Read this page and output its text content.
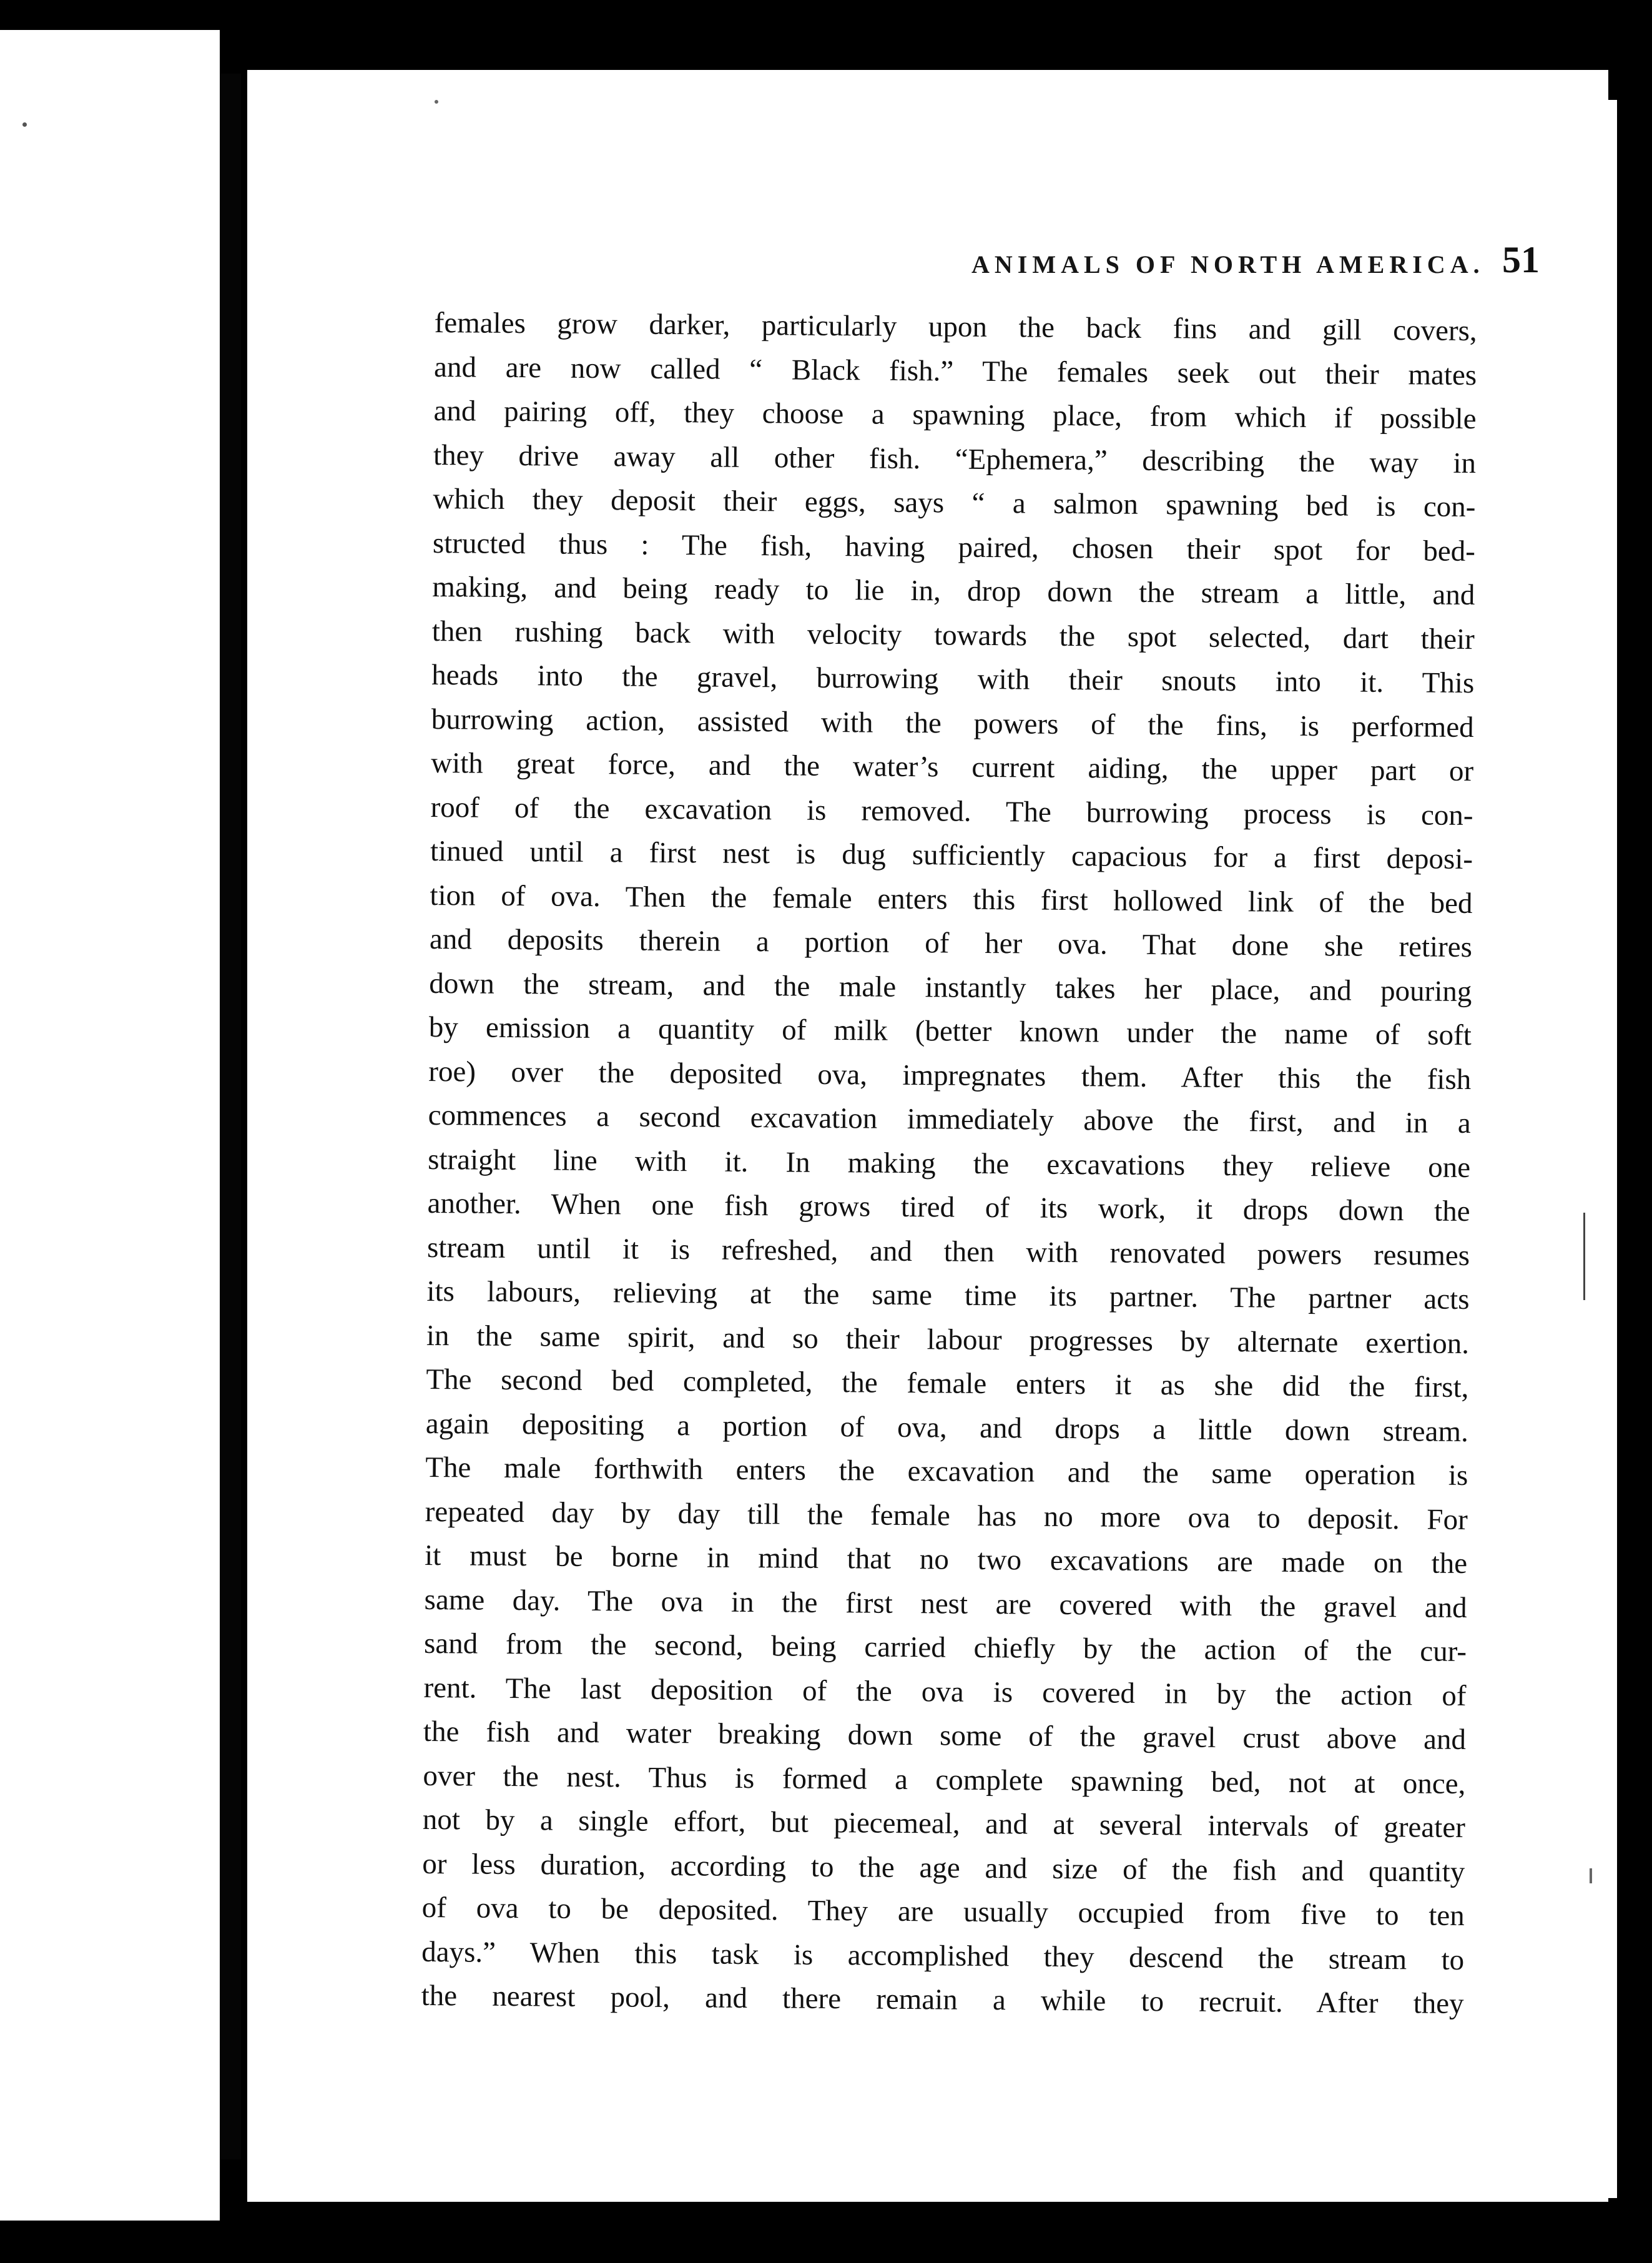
ANIMALS OF NORTH AMERICA. 51
females grow darker, particularly upon the back fins and gill covers,
and are now called “ Black fish.” The females seek out their mates
and pairing off, they choose a spawning place, from which if possible
they drive away all other fish. “Ephemera,” describing the way in
which they deposit their eggs, says “ a salmon spawning bed is con-
structed thus : The fish, having paired, chosen their spot for bed-
making, and being ready to lie in, drop down the stream a little, and
then rushing back with velocity towards the spot selected, dart their
heads into the gravel, burrowing with their snouts into it. This
burrowing action, assisted with the powers of the fins, is performed
with great force, and the water’s current aiding, the upper part or
roof of the excavation is removed. The burrowing process is con-
tinued until a first nest is dug sufficiently capacious for a first deposi-
tion of ova. Then the female enters this first hollowed link of the bed
and deposits therein a portion of her ova. That done she retires
down the stream, and the male instantly takes her place, and pouring
by emission a quantity of milk (better known under the name of soft
roe) over the deposited ova, impregnates them. After this the fish
commences a second excavation immediately above the first, and in a
straight line with it. In making the excavations they relieve one
another. When one fish grows tired of its work, it drops down the
stream until it is refreshed, and then with renovated powers resumes
its labours, relieving at the same time its partner. The partner acts
in the same spirit, and so their labour progresses by alternate exertion.
The second bed completed, the female enters it as she did the first,
again depositing a portion of ova, and drops a little down stream.
The male forthwith enters the excavation and the same operation is
repeated day by day till the female has no more ova to deposit. For
it must be borne in mind that no two excavations are made on the
same day. The ova in the first nest are covered with the gravel and
sand from the second, being carried chiefly by the action of the cur-
rent. The last deposition of the ova is covered in by the action of
the fish and water breaking down some of the gravel crust above and
over the nest. Thus is formed a complete spawning bed, not at once,
not by a single effort, but piecemeal, and at several intervals of greater
or less duration, according to the age and size of the fish and quantity
of ova to be deposited. They are usually occupied from five to ten
days.” When this task is accomplished they descend the stream to
the nearest pool, and there remain a while to recruit. After they
